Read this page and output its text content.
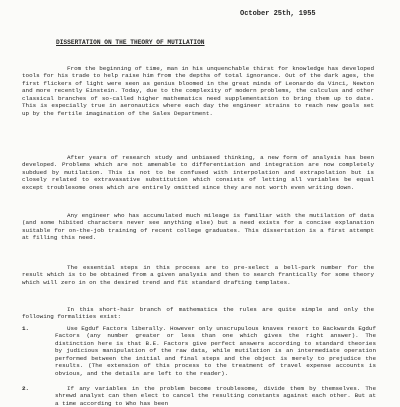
October 25th, 1955
DISSERTATION ON THE THEORY OF MUTILATION

From the beginning of time, man in his unquenchable thirst for knowledge has developed tools for his trade to help raise him from the depths of total ignorance. Out of the dark ages, the first flickers of light were seen as genius bloomed in the great minds of Leonardo da Vinci, Newton and more recently Einstein. Today, due to the complexity of modern problems, the calculus and other classical branches of so-called higher mathematics need supplementation to bring them up to date. This is especially true in aeronautics where each day the engineer strains to reach new goals set up by the fertile imagination of the Sales Department.

After years of research study and unbiased thinking, a new form of analysis has been developed. Problems which are not amenable to differentiation and integration are now completely subdued by mutilation. This is not to be confused with interpolation and extrapolation but is closely related to extravasative substitution which consists of letting all variables be equal except troublesome ones which are entirely omitted since they are not worth even writing down.

Any engineer who has accumulated much mileage is familiar with the mutilation of data (and some hibited characters never see anything else) but a need exists for a concise explanation suitable for on-the-job training of recent college graduates. This dissertation is a first attempt at filling this need.

The essential steps in this process are to pre-select a bell-park number for the result which is to be obtained from a given analysis and then to search frantically for some theory which will zero in on the desired trend and fit standard drafting templates.

In this short-hair branch of mathematics the rules are quite simple and only the following formalities exist:

1.	Use Egduf Factors liberally. However only unscrupulous knaves resort to Backwards Egduf Factors (any number greater or less than one which gives the right answer). The distinction here is that B.E. Factors give perfect answers according to standard theories by judicious manipulation of the raw data, while mutilation is an intermediate operation performed between the initial and final steps and the object is merely to prejudice the results. (The extension of this process to the treatment of travel expense accounts is obvious, and the details are left to the reader).

2.	If any variables in the problem become troublesome, divide them by themselves. The shrewd analyst can then elect to cancel the resulting constants against each other. But at a time according to Who has been
